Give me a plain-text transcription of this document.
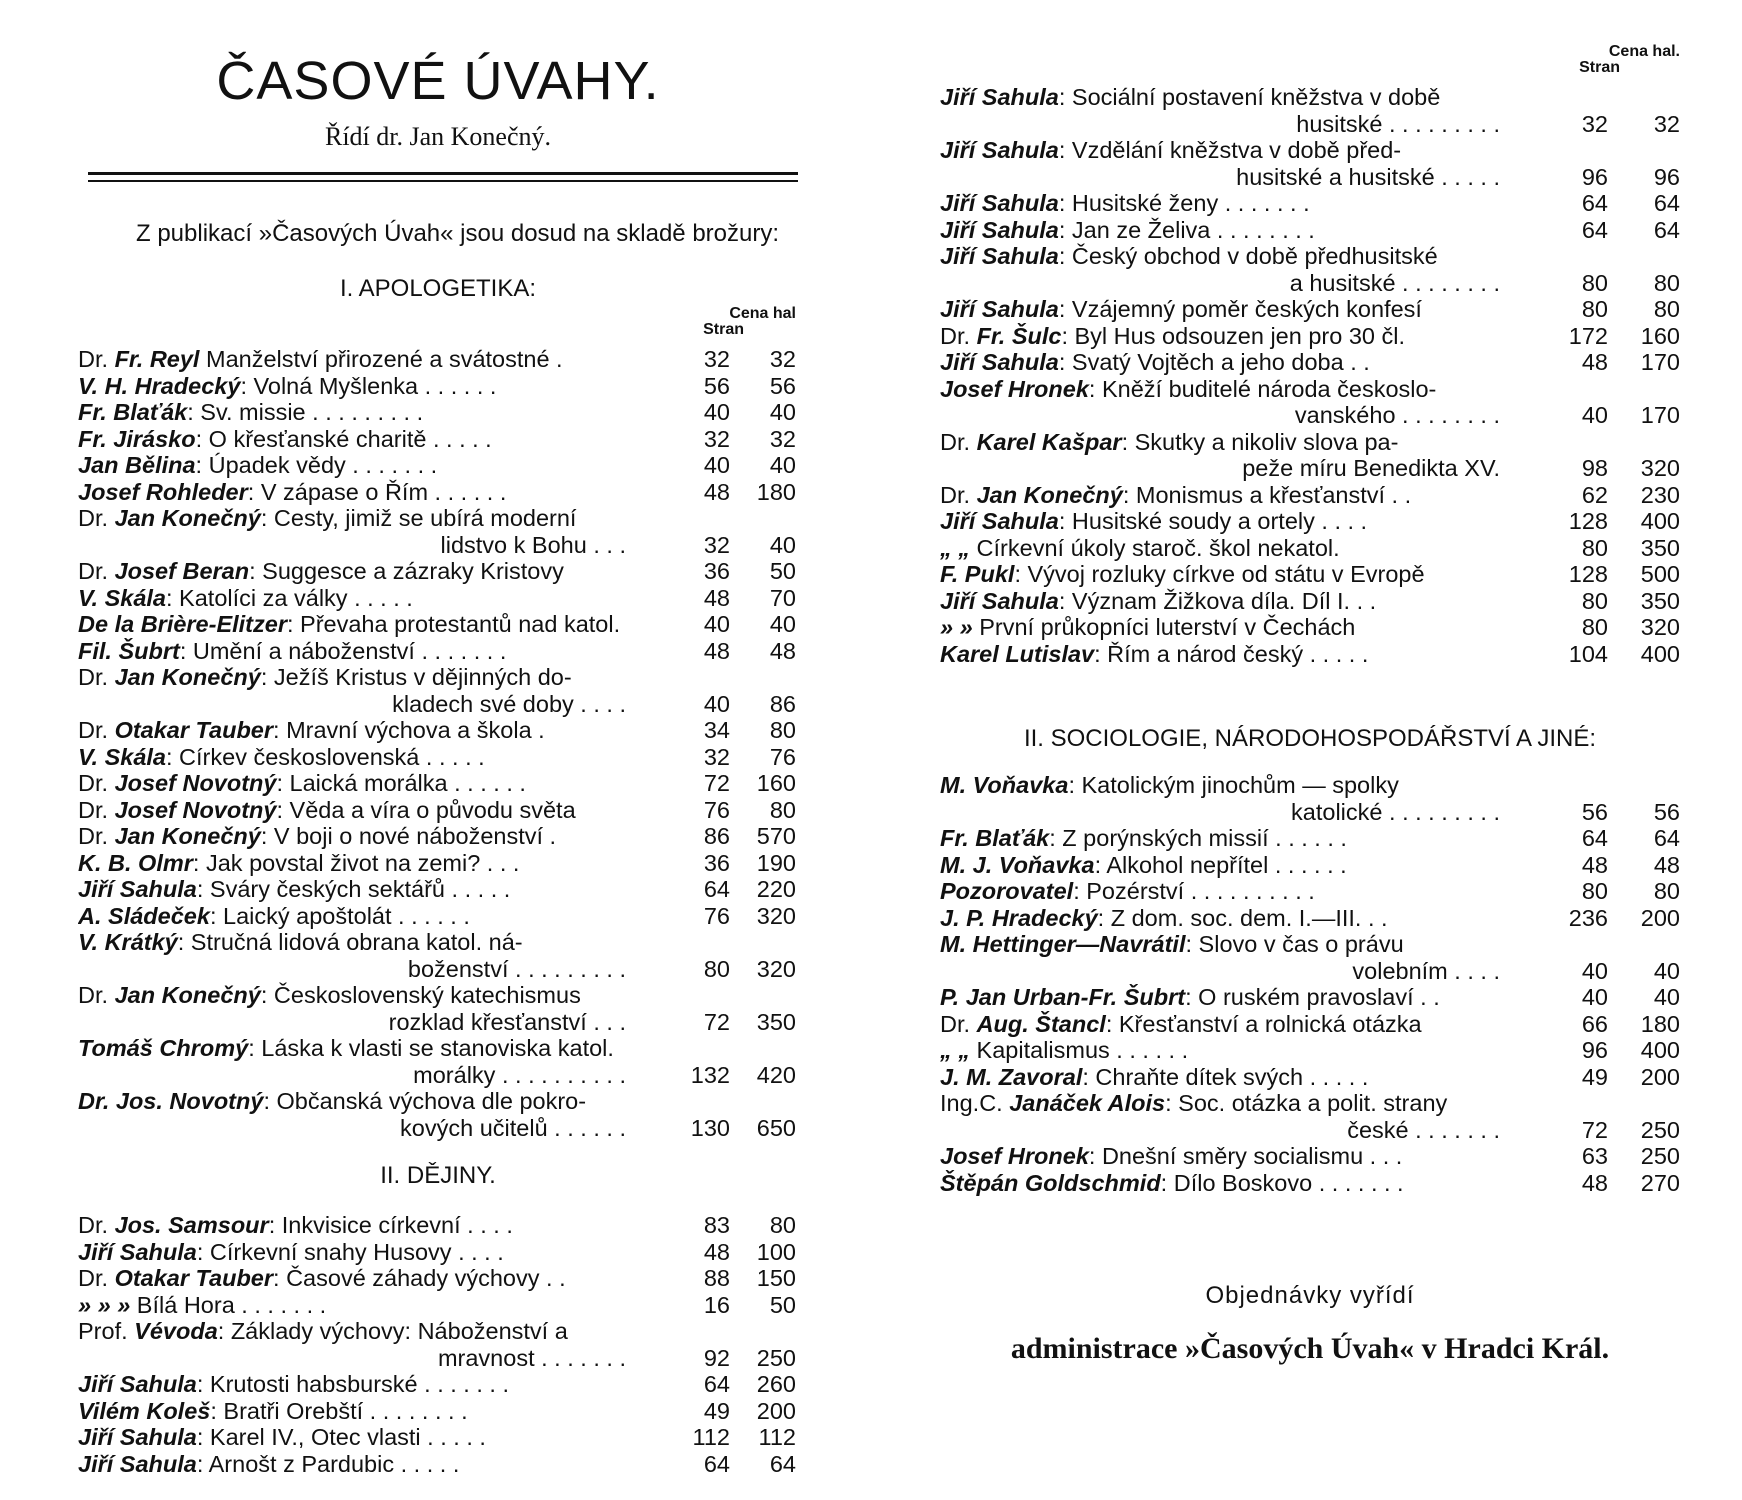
ČASOVÉ ÚVAHY.
Řídí dr. Jan Konečný.
Z publikací »Časových Úvah« jsou dosud na skladě brožury:
I. APOLOGETIKA:
Cena hal
Stran
Dr. Fr. Reyl Manželství přirozené a svátostné .	32	32
V. H. Hradecký: Volná Myšlenka . . . . . .	56	56
Fr. Blaťák: Sv. missie . . . . . . . . .	40	40
Fr. Jirásko: O křesťanské charitě . . . . .	32	32
Jan Bělina: Úpadek vědy . . . . . . .	40	40
Josef Rohleder: V zápase o Řím . . . . . .	48	180
Dr. Jan Konečný: Cesty, jimiž se ubírá moderní
lidstvo k Bohu . . .	32	40
Dr. Josef Beran: Suggesce a zázraky Kristovy	36	50
V. Skála: Katolíci za války . . . . .	48	70
De la Brière-Elitzer: Převaha protestantů nad katol.	40	40
Fil. Šubrt: Umění a náboženství . . . . . . .	48	48
Dr. Jan Konečný: Ježíš Kristus v dějinných do-
kladech své doby . . . .	40	86
Dr. Otakar Tauber: Mravní výchova a škola .	34	80
V. Skála: Církev československá . . . . .	32	76
Dr. Josef Novotný: Laická morálka . . . . . .	72	160
Dr. Josef Novotný: Věda a víra o původu světa	76	80
Dr. Jan Konečný: V boji o nové náboženství .	86	570
K. B. Olmr: Jak povstal život na zemi? . . .	36	190
Jiří Sahula: Sváry českých sektářů . . . . .	64	220
A. Sládeček: Laický apoštolát . . . . . .	76	320
V. Krátký: Stručná lidová obrana katol. ná-
boženství . . . . . . . . .	80	320
Dr. Jan Konečný: Československý katechismus
rozklad křesťanství . . .	72	350
Tomáš Chromý: Láska k vlasti se stanoviska katol.
morálky . . . . . . . . . .	132	420
Dr. Jos. Novotný: Občanská výchova dle pokro-
kových učitelů . . . . . .	130	650
II. DĚJINY.
Dr. Jos. Samsour: Inkvisice církevní . . . .	83	80
Jiří Sahula: Církevní snahy Husovy . . . .	48	100
Dr. Otakar Tauber: Časové záhady výchovy . .	88	150
» » » Bílá Hora . . . . . . .	16	50
Prof. Vévoda: Základy výchovy: Náboženství a
mravnost . . . . . . .	92	250
Jiří Sahula: Krutosti habsburské . . . . . . .	64	260
Vilém Koleš: Bratři Orebští . . . . . . . .	49	200
Jiří Sahula: Karel IV., Otec vlasti . . . . .	112	112
Jiří Sahula: Arnošt z Pardubic . . . . .	64	64
Cena hal.
Stran
Jiří Sahula: Sociální postavení kněžstva v době
husitské . . . . . . . . .	32	32
Jiří Sahula: Vzdělání kněžstva v době před-
husitské a husitské . . . . .	96	96
Jiří Sahula: Husitské ženy . . . . . . .	64	64
Jiří Sahula: Jan ze Želiva . . . . . . . .	64	64
Jiří Sahula: Český obchod v době předhusitské
a husitské . . . . . . . .	80	80
Jiří Sahula: Vzájemný poměr českých konfesí	80	80
Dr. Fr. Šulc: Byl Hus odsouzen jen pro 30 čl.	172	160
Jiří Sahula: Svatý Vojtěch a jeho doba . .	48	170
Josef Hronek: Kněží buditelé národa českoslo-
vanského . . . . . . . .	40	170
Dr. Karel Kašpar: Skutky a nikoliv slova pa-
peže míru Benedikta XV.	98	320
Dr. Jan Konečný: Monismus a křesťanství . .	62	230
Jiří Sahula: Husitské soudy a ortely . . . .	128	400
„ „ Církevní úkoly staroč. škol nekatol.	80	350
F. Pukl: Vývoj rozluky církve od státu v Evropě	128	500
Jiří Sahula: Význam Žižkova díla. Díl I. . .	80	350
» » První průkopníci luterství v Čechách	80	320
Karel Lutislav: Řím a národ český . . . . .	104	400
II. SOCIOLOGIE, NÁRODOHOSPODÁŘSTVÍ A JINÉ:
M. Voňavka: Katolickým jinochům — spolky
katolické . . . . . . . . .	56	56
Fr. Blaťák: Z porýnských missií . . . . . .	64	64
M. J. Voňavka: Alkohol nepřítel . . . . . .	48	48
Pozorovatel: Pozérství . . . . . . . . . .	80	80
J. P. Hradecký: Z dom. soc. dem. I.—III. . .	236	200
M. Hettinger—Navrátil: Slovo v čas o právu
volebním . . . .	40	40
P. Jan Urban-Fr. Šubrt: O ruském pravoslaví . .	40	40
Dr. Aug. Štancl: Křesťanství a rolnická otázka	66	180
„ „ Kapitalismus . . . . . .	96	400
J. M. Zavoral: Chraňte dítek svých . . . . .	49	200
Ing.C. Janáček Alois: Soc. otázka a polit. strany
české . . . . . . .	72	250
Josef Hronek: Dnešní směry socialismu . . .	63	250
Štěpán Goldschmid: Dílo Boskovo . . . . . . .	48	270
Objednávky vyřídí
administrace »Časových Úvah« v Hradci Král.
